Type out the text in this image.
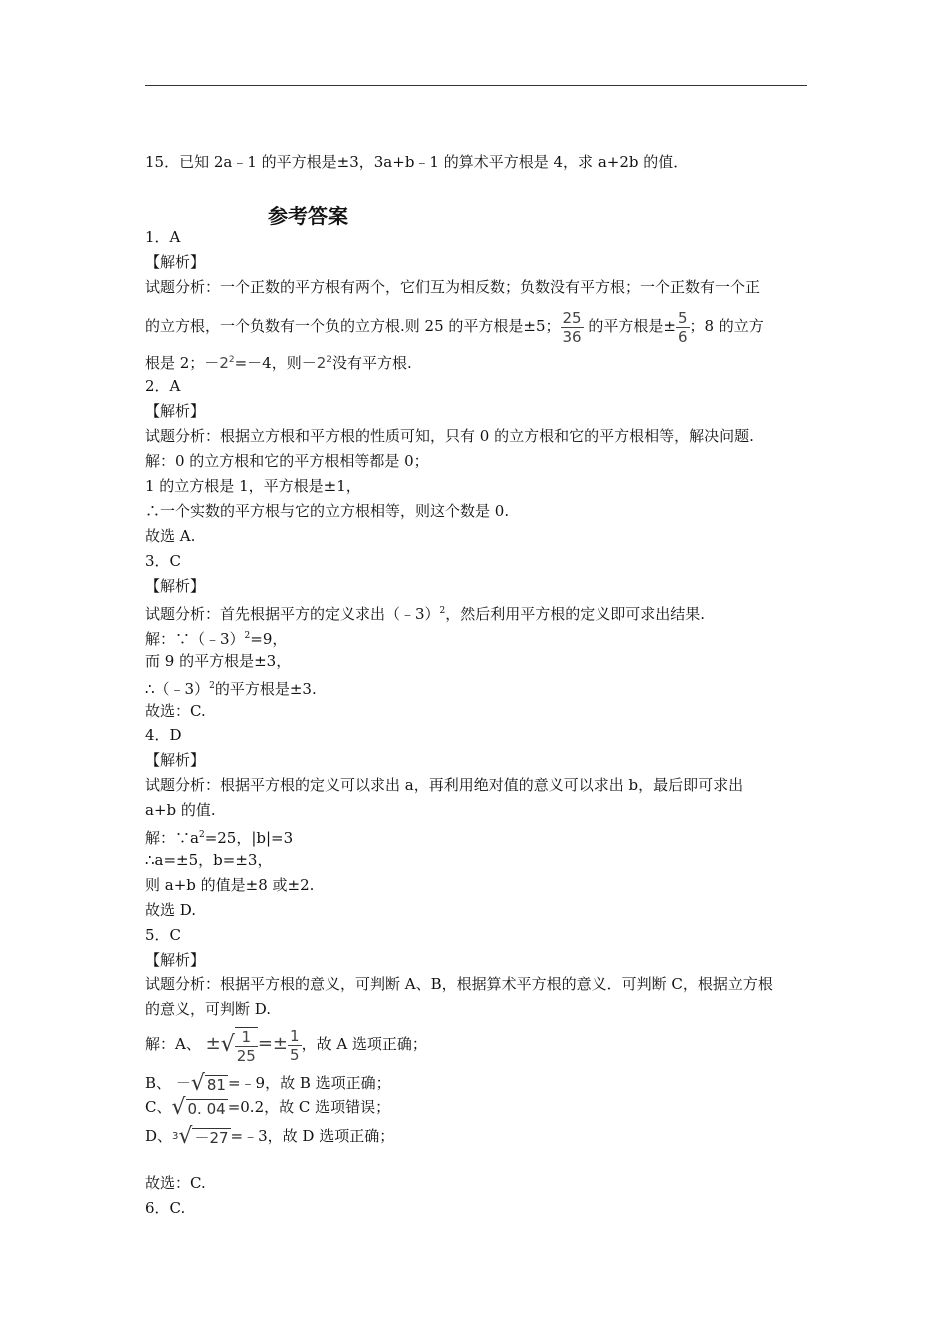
15．已知 2a﹣1 的平方根是±3，3a+b﹣1 的算术平方根是 4，求 a+2b 的值．
参考答案
1．A
【解析】
试题分析：一个正数的平方根有两个，它们互为相反数；负数没有平方根；一个正数有一个正
的立方根，一个负数有一个负的立方根.则 25 的平方根是±5； $\frac{25}{36}$ 的平方根是± $\frac{5}{6}$ ；8 的立方
根是 2；$-2^2=-4$，则$-2^2$没有平方根.
2．A
【解析】
试题分析：根据立方根和平方根的性质可知，只有 0 的立方根和它的平方根相等，解决问题.
解：0 的立方根和它的平方根相等都是 0；
1 的立方根是 1，平方根是±1，
∴一个实数的平方根与它的立方根相等，则这个数是 0.
故选 A.
3．C
【解析】
试题分析：首先根据平方的定义求出（﹣3）$^2$，然后利用平方根的定义即可求出结果.
解：∵（﹣3）$^2$=9，
而 9 的平方根是±3，
∴（﹣3）$^2$的平方根是±3.
故选：C.
4．D
【解析】
试题分析：根据平方根的定义可以求出 a，再利用绝对值的意义可以求出 b，最后即可求出
a+b 的值.
解：$\because a^2=25$，|b|=3
∴a=±5，b=±3，
则 a+b 的值是±8 或±2.
故选 D.
5．C
【解析】
试题分析：根据平方根的意义，可判断 A、B，根据算术平方根的意义．可判断 C，根据立方根
的意义，可判断 D.
解：A、 ±√ $\frac{1}{25} =\pm \frac{1}{5}$ ，故 A 选项正确；
B、 －√ 81 =﹣9，故 B 选项正确；
C、√ 0. 04 =0.2，故 C 选项错误；
D、$^3$√ －27 =﹣3，故 D 选项正确；
故选：C.
6．C.
